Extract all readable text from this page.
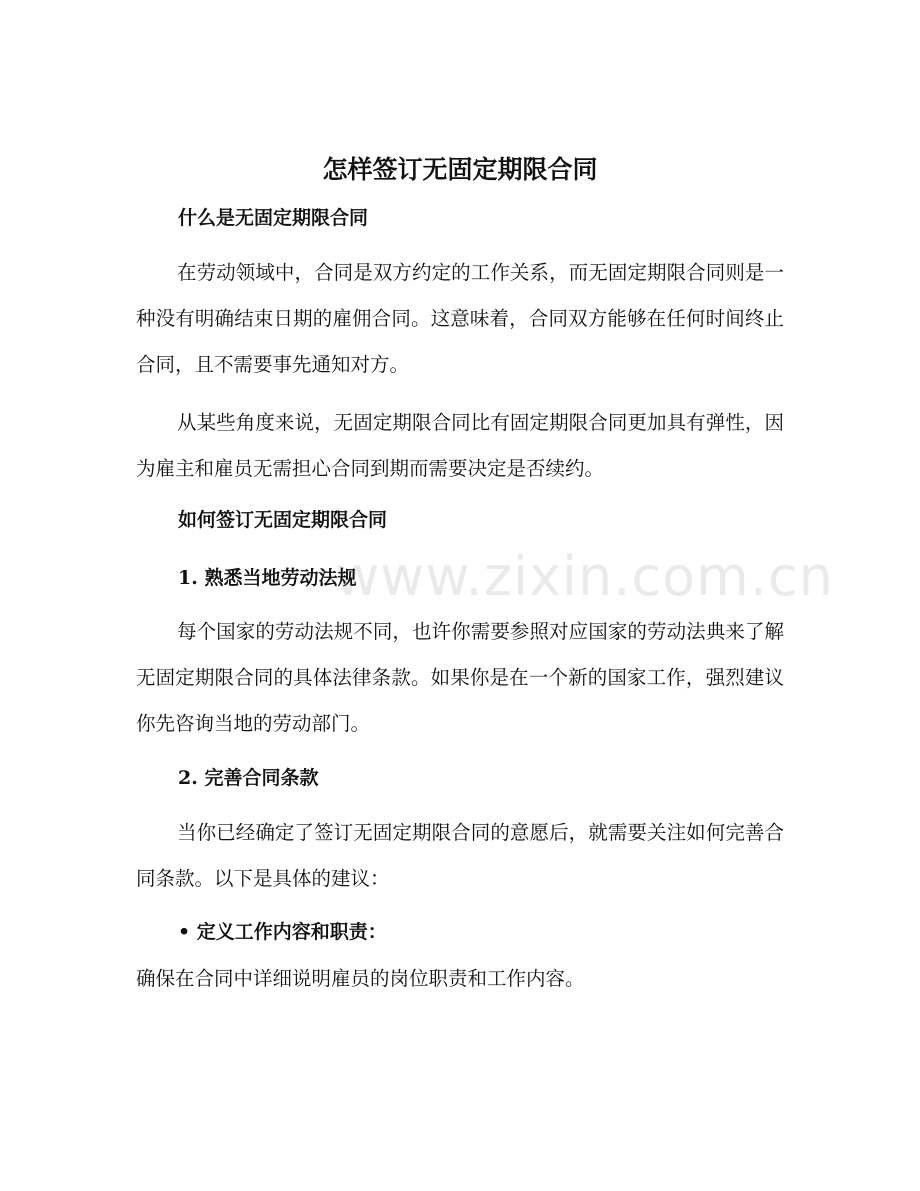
怎样签订无固定期限合同
什么是无固定期限合同

在劳动领域中，合同是双方约定的工作关系，而无固定期限合同则是一种没有明确结束日期的雇佣合同。这意味着，合同双方能够在任何时间终止合同，且不需要事先通知对方。

从某些角度来说，无固定期限合同比有固定期限合同更加具有弹性，因为雇主和雇员无需担心合同到期而需要决定是否续约。

如何签订无固定期限合同
1. 熟悉当地劳动法规

每个国家的劳动法规不同，也许你需要参照对应国家的劳动法典来了解无固定期限合同的具体法律条款。如果你是在一个新的国家工作，强烈建议你先咨询当地的劳动部门。

2. 完善合同条款

当你已经确定了签订无固定期限合同的意愿后，就需要关注如何完善合同条款。以下是具体的建议：

• 定义工作内容和职责：

确保在合同中详细说明雇员的岗位职责和工作内容。

www.zixin.com.cn
